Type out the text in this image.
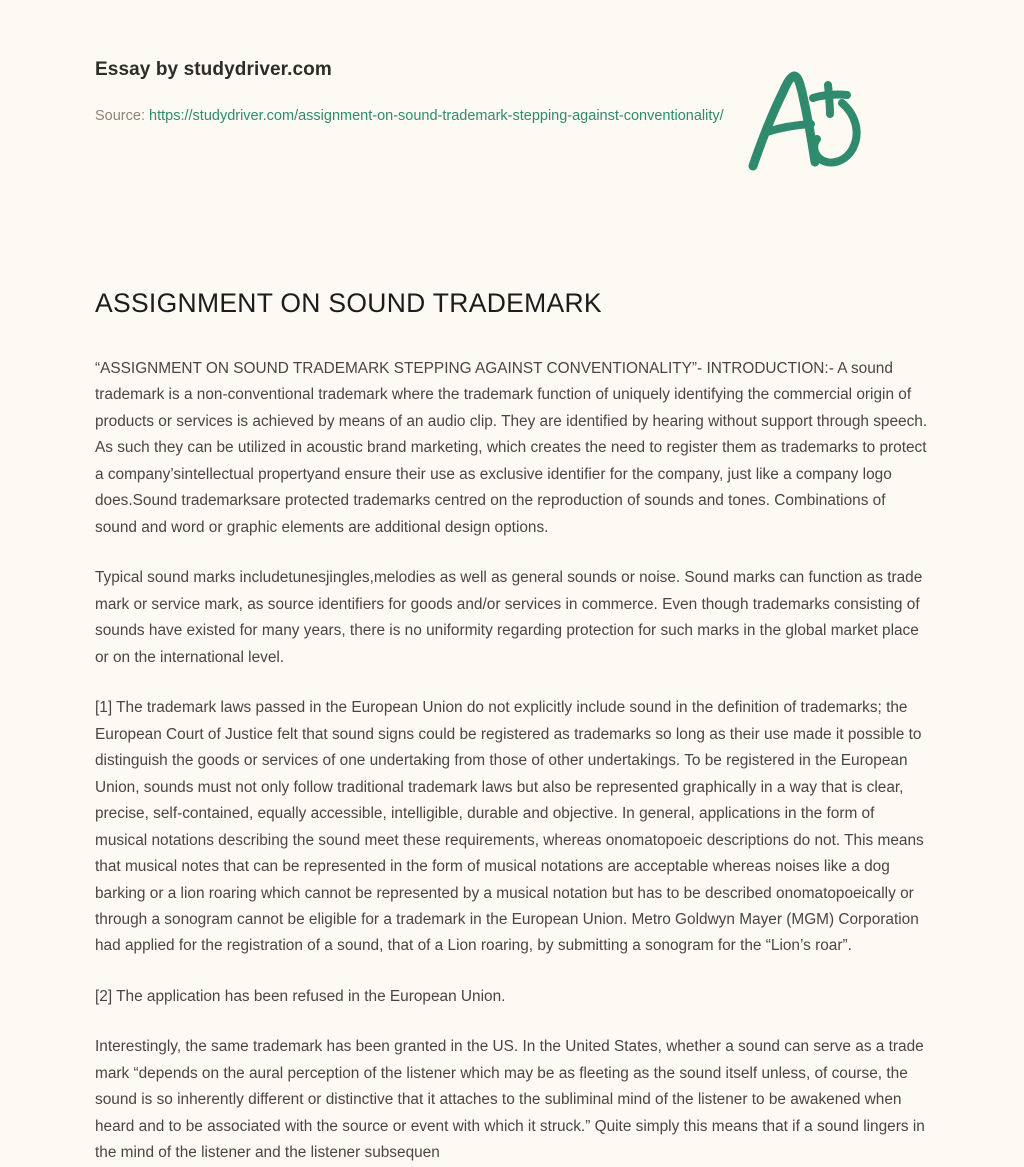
Essay by studydriver.com
Source: https://studydriver.com/assignment-on-sound-trademark-stepping-against-conventionality/
ASSIGNMENT ON SOUND TRADEMARK

“ASSIGNMENT ON SOUND TRADEMARK STEPPING AGAINST CONVENTIONALITY”- INTRODUCTION:- A sound trademark is a non-conventional trademark where the trademark function of uniquely identifying the commercial origin of products or services is achieved by means of an audio clip. They are identified by hearing without support through speech. As such they can be utilized in acoustic brand marketing, which creates the need to register them as trademarks to protect a company’sintellectual propertyand ensure their use as exclusive identifier for the company, just like a company logo does.Sound trademarksare protected trademarks centred on the reproduction of sounds and tones. Combinations of sound and word or graphic elements are additional design options.

Typical sound marks includetunesjingles,melodies as well as general sounds or noise. Sound marks can function as trade mark or service mark, as source identifiers for goods and/or services in commerce. Even though trademarks consisting of sounds have existed for many years, there is no uniformity regarding protection for such marks in the global market place or on the international level.

[1] The trademark laws passed in the European Union do not explicitly include sound in the definition of trademarks; the European Court of Justice felt that sound signs could be registered as trademarks so long as their use made it possible to distinguish the goods or services of one undertaking from those of other undertakings. To be registered in the European Union, sounds must not only follow traditional trademark laws but also be represented graphically in a way that is clear, precise, self-contained, equally accessible, intelligible, durable and objective. In general, applications in the form of musical notations describing the sound meet these requirements, whereas onomatopoeic descriptions do not. This means that musical notes that can be represented in the form of musical notations are acceptable whereas noises like a dog barking or a lion roaring which cannot be represented by a musical notation but has to be described onomatopoeically or through a sonogram cannot be eligible for a trademark in the European Union. Metro Goldwyn Mayer (MGM) Corporation had applied for the registration of a sound, that of a Lion roaring, by submitting a sonogram for the “Lion’s roar”.

[2] The application has been refused in the European Union.

Interestingly, the same trademark has been granted in the US. In the United States, whether a sound can serve as a trade mark “depends on the aural perception of the listener which may be as fleeting as the sound itself unless, of course, the sound is so inherently different or distinctive that it attaches to the subliminal mind of the listener to be awakened when heard and to be associated with the source or event with which it struck.” Quite simply this means that if a sound lingers in the mind of the listener and the listener subsequen
